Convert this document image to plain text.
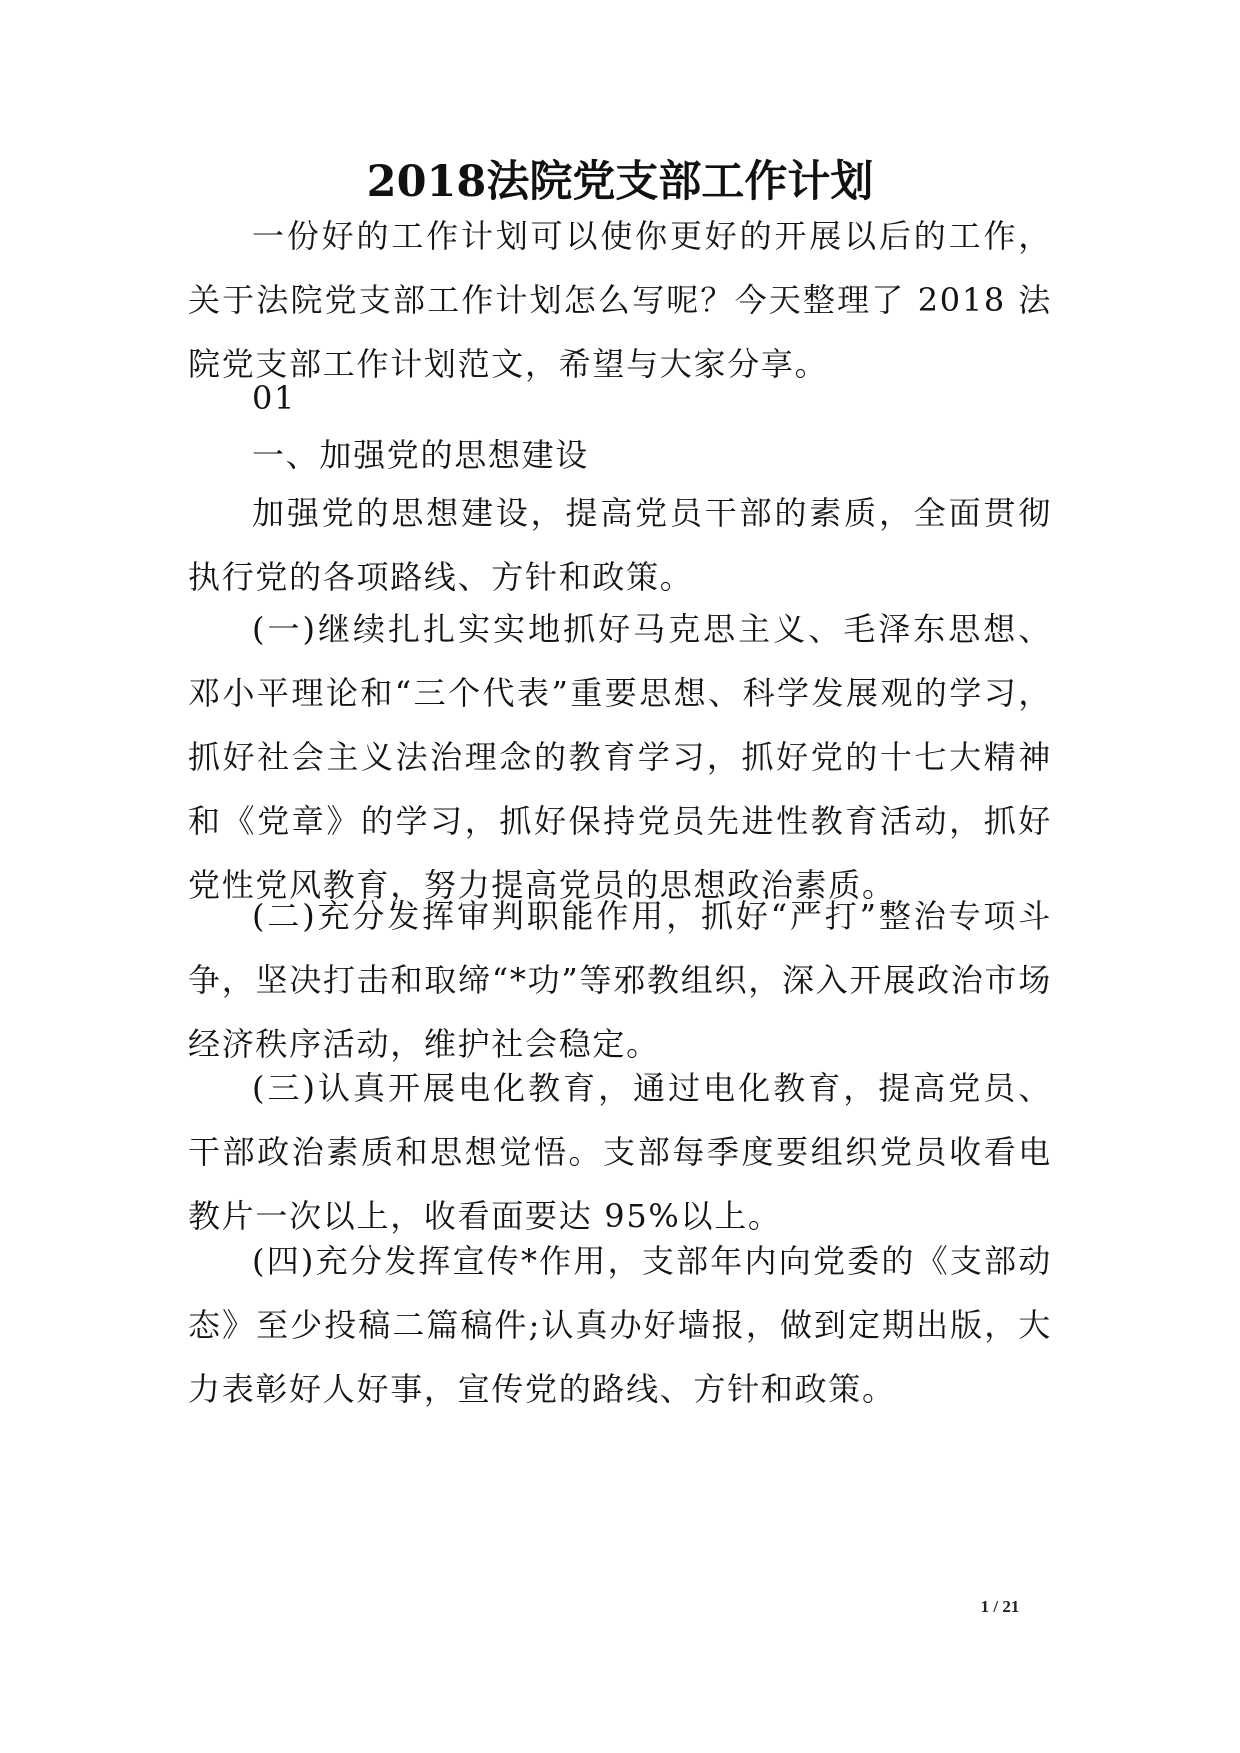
2018法院党支部工作计划

一份好的工作计划可以使你更好的开展以后的工作，关于法院党支部工作计划怎么写呢？今天整理了 2018 法院党支部工作计划范文，希望与大家分享。

01

一、加强党的思想建设

加强党的思想建设，提高党员干部的素质，全面贯彻执行党的各项路线、方针和政策。

(一)继续扎扎实实地抓好马克思主义、毛泽东思想、邓小平理论和“三个代表”重要思想、科学发展观的学习，抓好社会主义法治理念的教育学习，抓好党的十七大精神和《党章》的学习，抓好保持党员先进性教育活动，抓好党性党风教育，努力提高党员的思想政治素质。

(二)充分发挥审判职能作用，抓好“严打”整治专项斗争，坚决打击和取缔“*功”等邪教组织，深入开展政治市场经济秩序活动，维护社会稳定。

(三)认真开展电化教育，通过电化教育，提高党员、干部政治素质和思想觉悟。支部每季度要组织党员收看电教片一次以上，收看面要达 95%以上。

(四)充分发挥宣传*作用，支部年内向党委的《支部动态》至少投稿二篇稿件;认真办好墙报，做到定期出版，大力表彰好人好事，宣传党的路线、方针和政策。

1 / 21
